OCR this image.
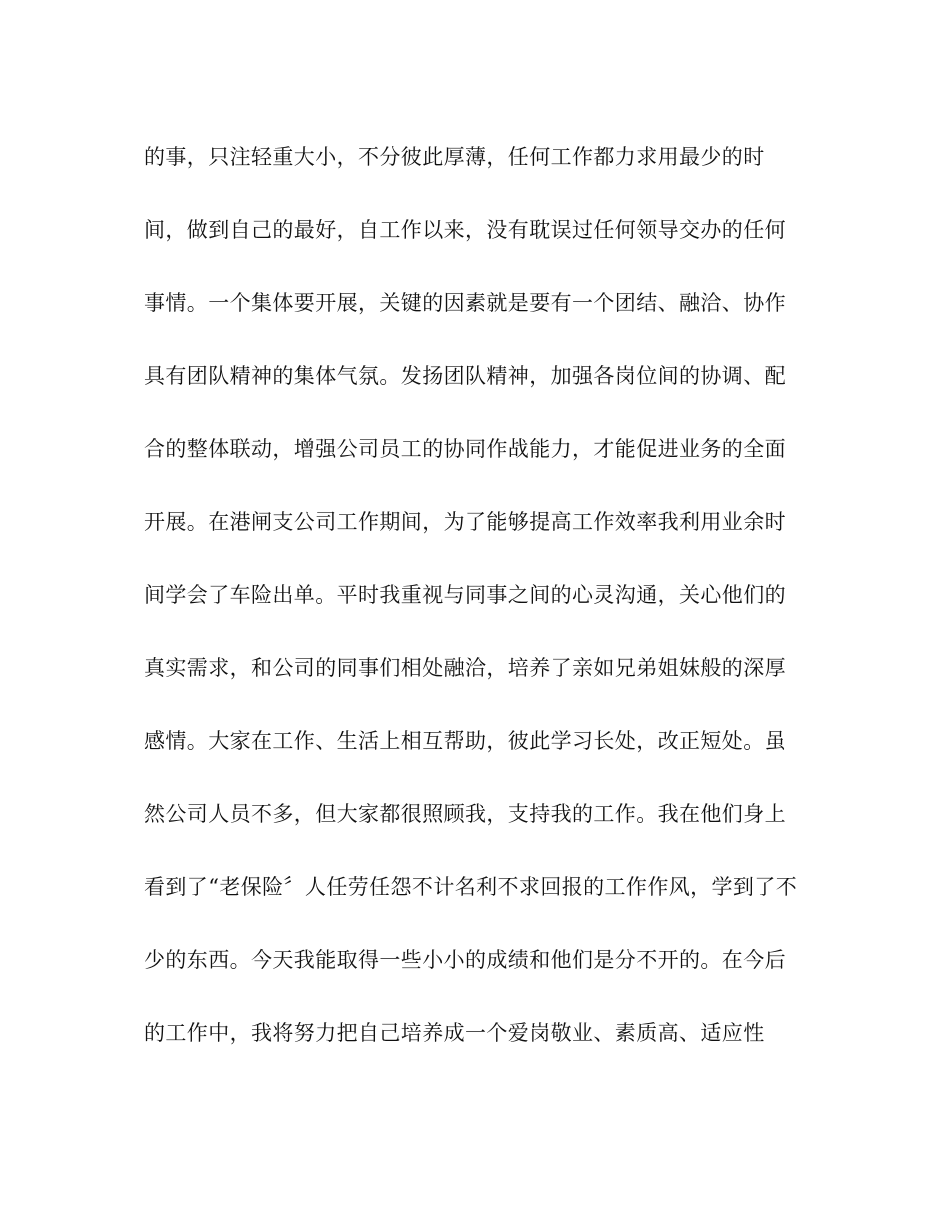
的事，只注轻重大小，不分彼此厚薄，任何工作都力求用最少的时
间，做到自己的最好，自工作以来，没有耽误过任何领导交办的任何
事情。一个集体要开展，关键的因素就是要有一个团结、融洽、协作
具有团队精神的集体气氛。发扬团队精神，加强各岗位间的协调、配
合的整体联动，增强公司员工的协同作战能力，才能促进业务的全面
开展。在港闸支公司工作期间，为了能够提高工作效率我利用业余时
间学会了车险出单。平时我重视与同事之间的心灵沟通，关心他们的
真实需求，和公司的同事们相处融洽，培养了亲如兄弟姐妹般的深厚
感情。大家在工作、生活上相互帮助，彼此学习长处，改正短处。虽
然公司人员不多，但大家都很照顾我，支持我的工作。我在他们身上
看到了“老保险〞人任劳任怨不计名利不求回报的工作作风，学到了不
少的东西。今天我能取得一些小小的成绩和他们是分不开的。在今后
的工作中，我将努力把自己培养成一个爱岗敬业、素质高、适应性
